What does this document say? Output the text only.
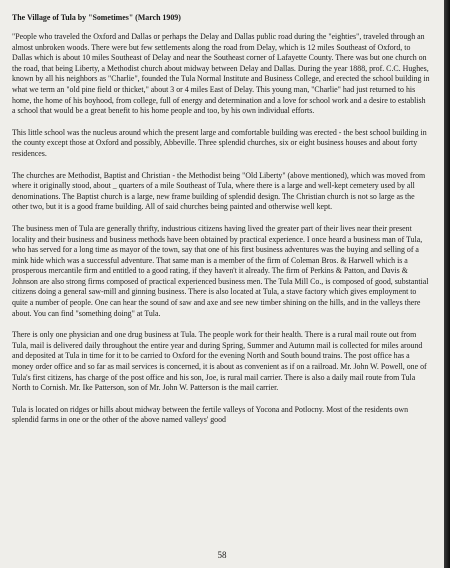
The Village of Tula by "Sometimes" (March 1909)

"People who traveled the Oxford and Dallas or perhaps the Delay and Dallas public road during the "eighties", traveled through an almost unbroken woods. There were but few settlements along the road from Delay, which is 12 miles Southeast of Oxford, to Dallas which is about 10 miles Southeast of Delay and near the Southeast corner of Lafayette County. There was but one church on the road, that being Liberty, a Methodist church about midway between Delay and Dallas. During the year 1888, prof. C.C. Hughes, known by all his neighbors as "Charlie", founded the Tula Normal Institute and Business College, and erected the school building in what we term an "old pine field or thicket," about 3 or 4 miles East of Delay. This young man, "Charlie" had just returned to his home, the home of his boyhood, from college, full of energy and determination and a love for school work and a desire to establish a school that would be a great benefit to his home people and too, by his own individual efforts.

This little school was the nucleus around which the present large and comfortable building was erected - the best school building in the county except those at Oxford and possibly, Abbeville. Three splendid churches, six or eight business houses and about forty residences.

The churches are Methodist, Baptist and Christian - the Methodist being "Old Liberty" (above mentioned), which was moved from where it originally stood, about _ quarters of a mile Southeast of Tula, where there is a large and well-kept cemetery used by all denominations. The Baptist church is a large, new frame building of splendid design. The Christian church is not so large as the other two, but it is a good frame building. All of said churches being painted and otherwise well kept.

The business men of Tula are generally thrifty, industrious citizens having lived the greater part of their lives near their present locality and their business and business methods have been obtained by practical experience. I once heard a business man of Tula, who has served for a long time as mayor of the town, say that one of his first business adventures was the buying and selling of a mink hide which was a successful adventure. That same man is a member of the firm of Coleman Bros. & Harwell which is a prosperous mercantile firm and entitled to a good rating, if they haven't it already. The firm of Perkins & Patton, and Davis & Johnson are also strong firms composed of practical experienced business men. The Tula Mill Co., is composed of good, substantial citizens doing a general saw-mill and ginning business. There is also located at Tula, a stave factory which gives employment to quite a number of people. One can hear the sound of saw and axe and see new timber shining on the hills, and in the valleys there about. You can find "something doing" at Tula.

There is only one physician and one drug business at Tula. The people work for their health. There is a rural mail route out from Tula, mail is delivered daily throughout the entire year and during Spring, Summer and Autumn mail is collected for miles around and deposited at Tula in time for it to be carried to Oxford for the evening North and South bound trains. The post office has a money order office and so far as mail services is concerned, it is about as convenient as if on a railroad. Mr. John W. Powell, one of Tula's first citizens, has charge of the post office and his son, Joe, is rural mail carrier. There is also a daily mail route from Tula North to Cornish. Mr. Ike Patterson, son of Mr. John W. Patterson is the mail carrier.

Tula is located on ridges or hills about midway between the fertile valleys of Yocona and Potlocny. Most of the residents own splendid farms in one or the other of the above named valleys' good

58
